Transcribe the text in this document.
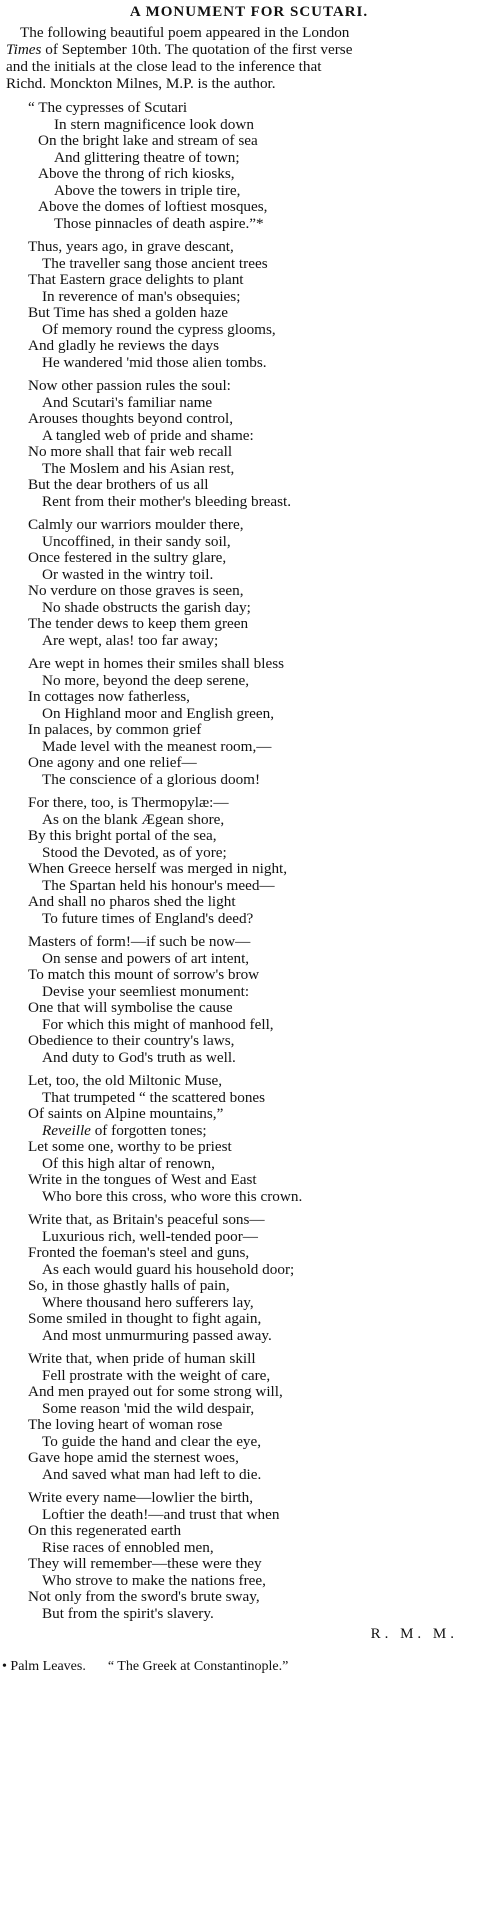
A MONUMENT FOR SCUTARI.
The following beautiful poem appeared in the London
Times of September 10th. The quotation of the first verse
and the initials at the close lead to the inference that
Richd. Monckton Milnes, M.P. is the author.
“ The cypresses of Scutari
In stern magnificence look down
On the bright lake and stream of sea
And glittering theatre of town;
Above the throng of rich kiosks,
Above the towers in triple tire,
Above the domes of loftiest mosques,
Those pinnacles of death aspire.”*
Thus, years ago, in grave descant,
The traveller sang those ancient trees
That Eastern grace delights to plant
In reverence of man's obsequies;
But Time has shed a golden haze
Of memory round the cypress glooms,
And gladly he reviews the days
He wandered 'mid those alien tombs.
Now other passion rules the soul:
And Scutari's familiar name
Arouses thoughts beyond control,
A tangled web of pride and shame:
No more shall that fair web recall
The Moslem and his Asian rest,
But the dear brothers of us all
Rent from their mother's bleeding breast.
Calmly our warriors moulder there,
Uncoffined, in their sandy soil,
Once festered in the sultry glare,
Or wasted in the wintry toil.
No verdure on those graves is seen,
No shade obstructs the garish day;
The tender dews to keep them green
Are wept, alas! too far away;
Are wept in homes their smiles shall bless
No more, beyond the deep serene,
In cottages now fatherless,
On Highland moor and English green,
In palaces, by common grief
Made level with the meanest room,—
One agony and one relief—
The conscience of a glorious doom!
For there, too, is Thermopylæ:—
As on the blank Ægean shore,
By this bright portal of the sea,
Stood the Devoted, as of yore;
When Greece herself was merged in night,
The Spartan held his honour's meed—
And shall no pharos shed the light
To future times of England's deed?
Masters of form!—if such be now—
On sense and powers of art intent,
To match this mount of sorrow's brow
Devise your seemliest monument:
One that will symbolise the cause
For which this might of manhood fell,
Obedience to their country's laws,
And duty to God's truth as well.
Let, too, the old Miltonic Muse,
That trumpeted “ the scattered bones
Of saints on Alpine mountains,”
Reveille of forgotten tones;
Let some one, worthy to be priest
Of this high altar of renown,
Write in the tongues of West and East
Who bore this cross, who wore this crown.
Write that, as Britain's peaceful sons—
Luxurious rich, well-tended poor—
Fronted the foeman's steel and guns,
As each would guard his household door;
So, in those ghastly halls of pain,
Where thousand hero sufferers lay,
Some smiled in thought to fight again,
And most unmurmuring passed away.
Write that, when pride of human skill
Fell prostrate with the weight of care,
And men prayed out for some strong will,
Some reason 'mid the wild despair,
The loving heart of woman rose
To guide the hand and clear the eye,
Gave hope amid the sternest woes,
And saved what man had left to die.
Write every name—lowlier the birth,
Loftier the death!—and trust that when
On this regenerated earth
Rise races of ennobled men,
They will remember—these were they
Who strove to make the nations free,
Not only from the sword's brute sway,
But from the spirit's slavery.
R. M. M.
• Palm Leaves. “ The Greek at Constantinople.”
